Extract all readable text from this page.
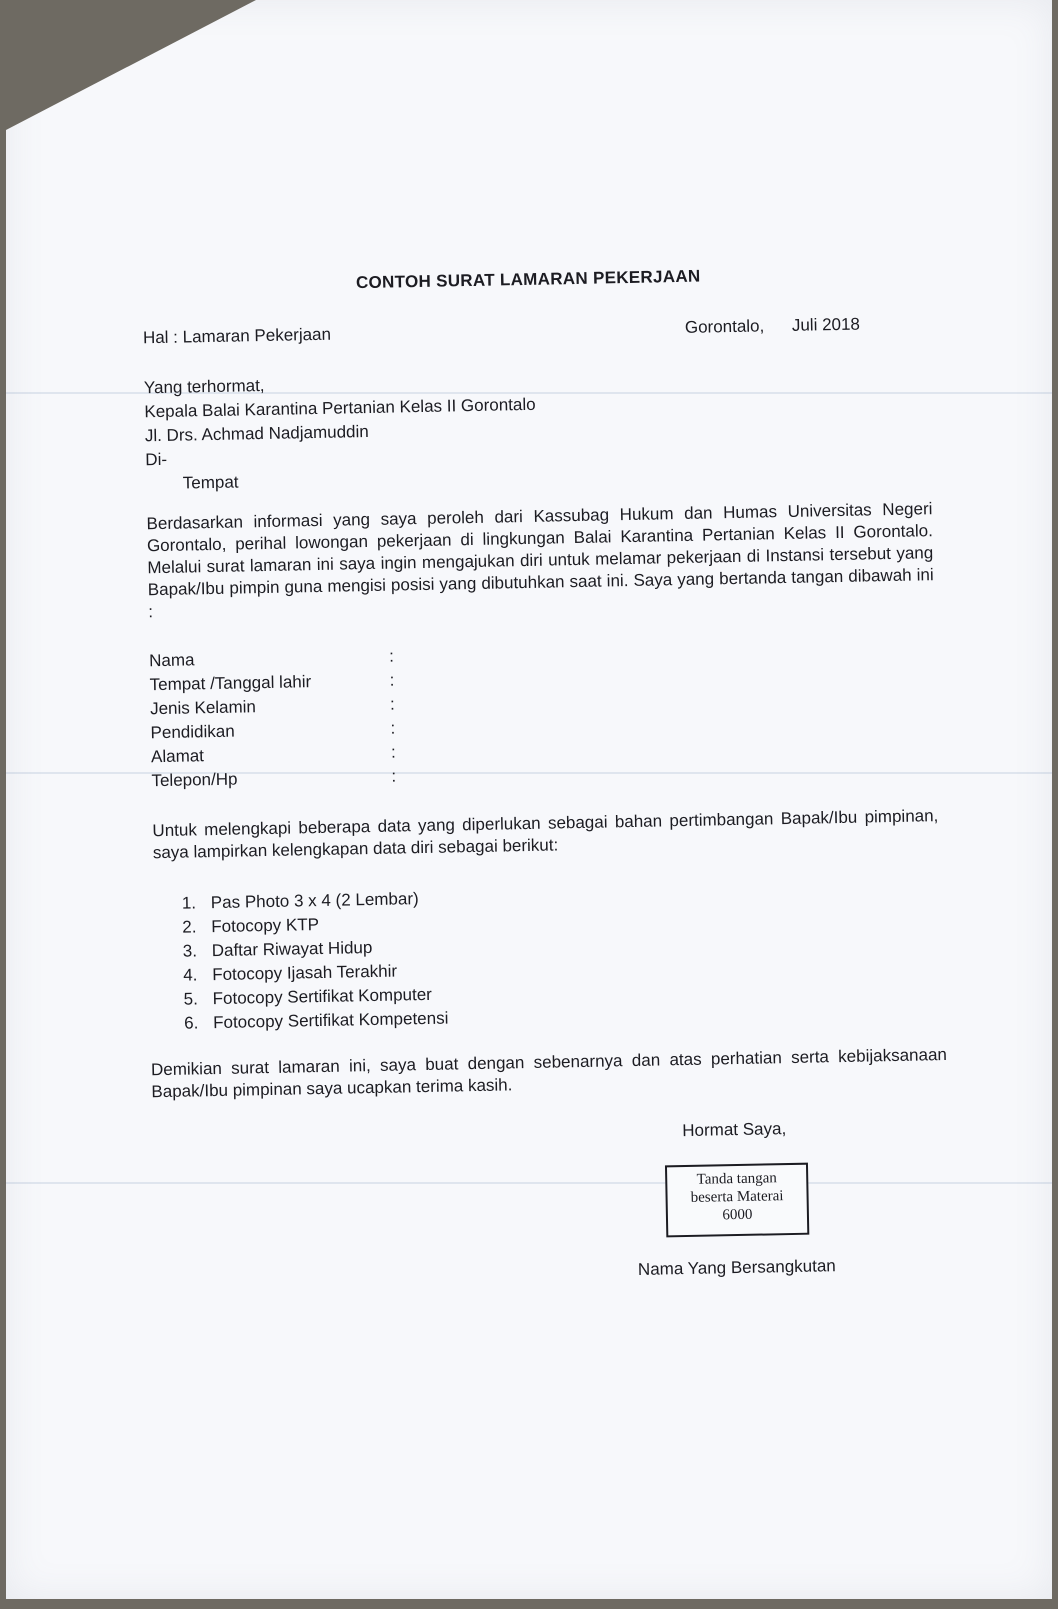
CONTOH SURAT LAMARAN PEKERJAAN
Hal : Lamaran Pekerjaan	Gorontalo, Juli 2018
Yang terhormat,
Kepala Balai Karantina Pertanian Kelas II Gorontalo
Jl. Drs. Achmad Nadjamuddin
Di-
Tempat
Berdasarkan informasi yang saya peroleh dari Kassubag Hukum dan Humas Universitas Negeri Gorontalo, perihal lowongan pekerjaan di lingkungan Balai Karantina Pertanian Kelas II Gorontalo. Melalui surat lamaran ini saya ingin mengajukan diri untuk melamar pekerjaan di Instansi tersebut yang Bapak/Ibu pimpin guna mengisi posisi yang dibutuhkan saat ini. Saya yang bertanda tangan dibawah ini :
Nama	:
Tempat /Tanggal lahir	:
Jenis Kelamin	:
Pendidikan	:
Alamat	:
Telepon/Hp	:
Untuk melengkapi beberapa data yang diperlukan sebagai bahan pertimbangan Bapak/Ibu pimpinan, saya lampirkan kelengkapan data diri sebagai berikut:
1. Pas Photo 3 x 4 (2 Lembar)
2. Fotocopy KTP
3. Daftar Riwayat Hidup
4. Fotocopy Ijasah Terakhir
5. Fotocopy Sertifikat Komputer
6. Fotocopy Sertifikat Kompetensi
Demikian surat lamaran ini, saya buat dengan sebenarnya dan atas perhatian serta kebijaksanaan Bapak/Ibu pimpinan saya ucapkan terima kasih.
Hormat Saya,
Tanda tangan
beserta Materai
6000
Nama Yang Bersangkutan
